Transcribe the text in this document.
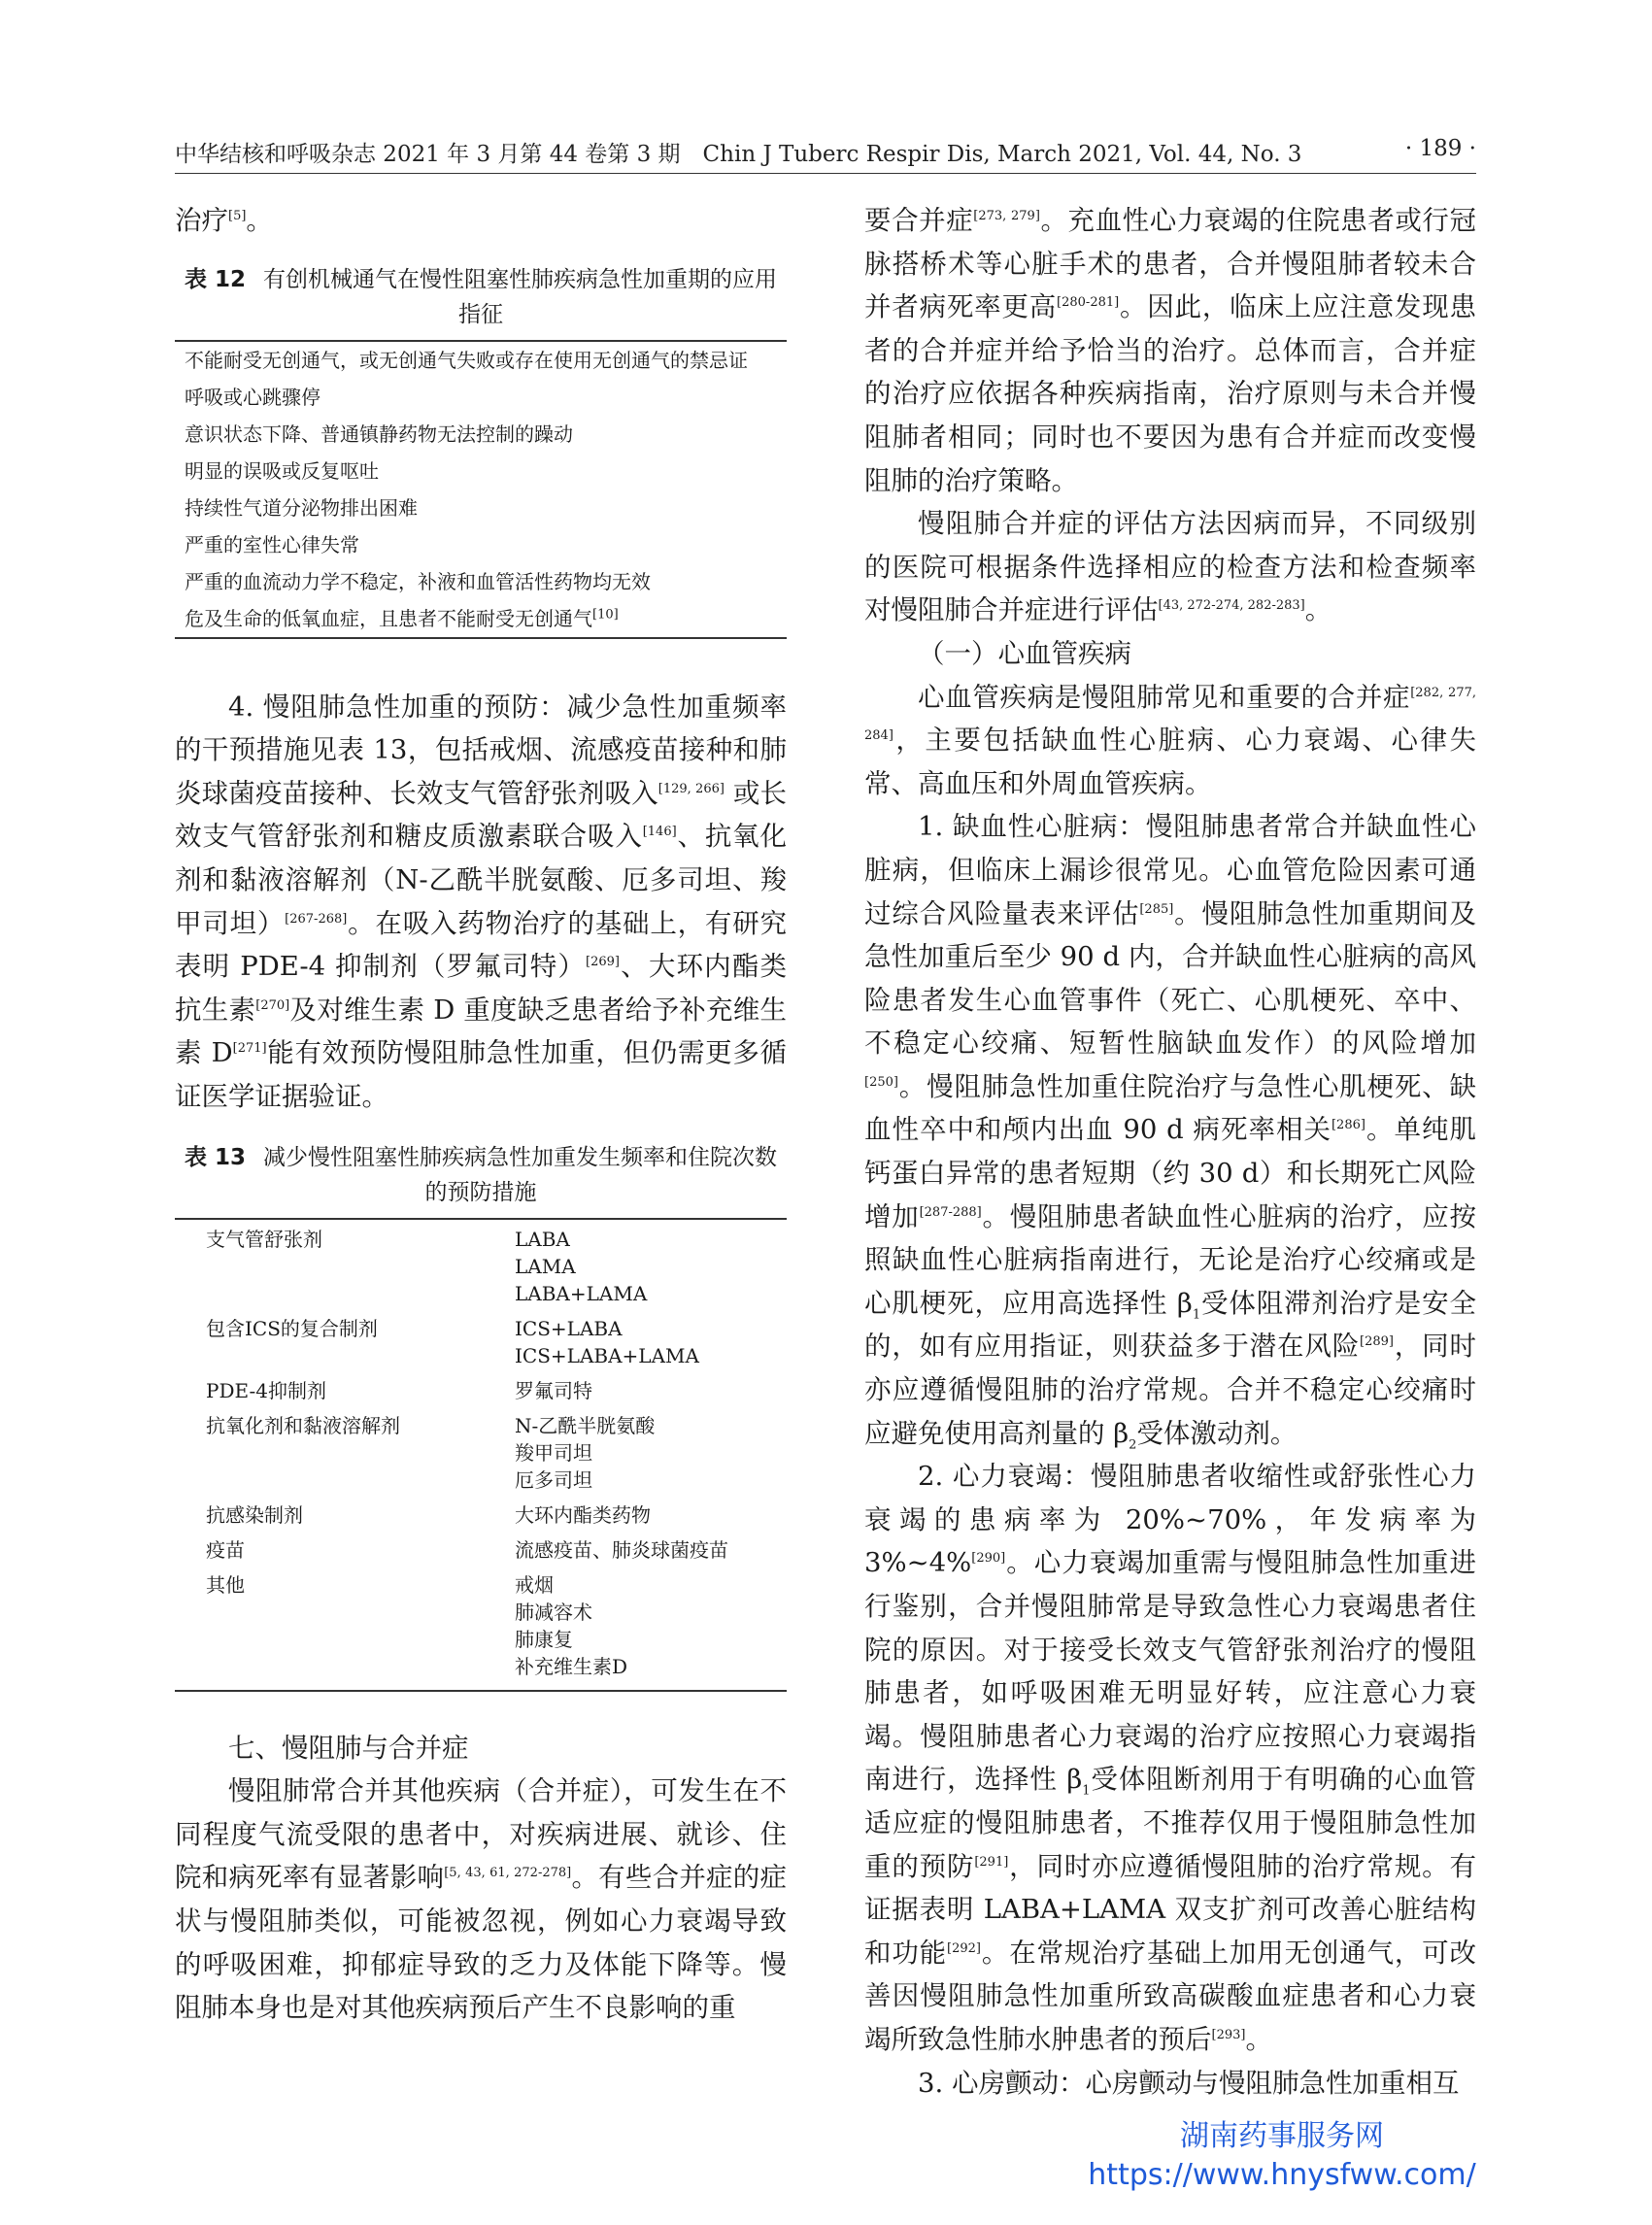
中华结核和呼吸杂志 2021 年 3 月第 44 卷第 3 期　Chin J Tuberc Respir Dis, March 2021, Vol. 44, No. 3	· 189 ·

治疗[5]。

表 12 有创机械通气在慢性阻塞性肺疾病急性加重期的应用指征
不能耐受无创通气，或无创通气失败或存在使用无创通气的禁忌证
呼吸或心跳骤停
意识状态下降、普通镇静药物无法控制的躁动
明显的误吸或反复呕吐
持续性气道分泌物排出困难
严重的室性心律失常
严重的血流动力学不稳定，补液和血管活性药物均无效
危及生命的低氧血症，且患者不能耐受无创通气[10]

4. 慢阻肺急性加重的预防：减少急性加重频率的干预措施见表 13，包括戒烟、流感疫苗接种和肺炎球菌疫苗接种、长效支气管舒张剂吸入[129, 266] 或长效支气管舒张剂和糖皮质激素联合吸入[146]、抗氧化剂和黏液溶解剂（N-乙酰半胱氨酸、厄多司坦、羧甲司坦）[267-268]。在吸入药物治疗的基础上，有研究表明 PDE-4 抑制剂（罗氟司特）[269]、大环内酯类抗生素[270]及对维生素 D 重度缺乏患者给予补充维生素 D[271]能有效预防慢阻肺急性加重，但仍需更多循证医学证据验证。

表 13 减少慢性阻塞性肺疾病急性加重发生频率和住院次数的预防措施
支气管舒张剂	LABA
LAMA
LABA+LAMA
包含ICS的复合制剂	ICS+LABA
ICS+LABA+LAMA
PDE-4抑制剂	罗氟司特
抗氧化剂和黏液溶解剂	N-乙酰半胱氨酸
羧甲司坦
厄多司坦
抗感染制剂	大环内酯类药物
疫苗	流感疫苗、肺炎球菌疫苗
其他	戒烟
肺减容术
肺康复
补充维生素D

七、慢阻肺与合并症

慢阻肺常合并其他疾病（合并症），可发生在不同程度气流受限的患者中，对疾病进展、就诊、住院和病死率有显著影响[5, 43, 61, 272-278]。有些合并症的症状与慢阻肺类似，可能被忽视，例如心力衰竭导致的呼吸困难，抑郁症导致的乏力及体能下降等。慢阻肺本身也是对其他疾病预后产生不良影响的重

要合并症[273, 279]。充血性心力衰竭的住院患者或行冠脉搭桥术等心脏手术的患者，合并慢阻肺者较未合并者病死率更高[280-281]。因此，临床上应注意发现患者的合并症并给予恰当的治疗。总体而言，合并症的治疗应依据各种疾病指南，治疗原则与未合并慢阻肺者相同；同时也不要因为患有合并症而改变慢阻肺的治疗策略。

慢阻肺合并症的评估方法因病而异，不同级别的医院可根据条件选择相应的检查方法和检查频率对慢阻肺合并症进行评估[43, 272-274, 282-283]。

（一）心血管疾病

心血管疾病是慢阻肺常见和重要的合并症[282, 277, 284]，主要包括缺血性心脏病、心力衰竭、心律失常、高血压和外周血管疾病。

1. 缺血性心脏病：慢阻肺患者常合并缺血性心脏病，但临床上漏诊很常见。心血管危险因素可通过综合风险量表来评估[285]。慢阻肺急性加重期间及急性加重后至少 90 d 内，合并缺血性心脏病的高风险患者发生心血管事件（死亡、心肌梗死、卒中、不稳定心绞痛、短暂性脑缺血发作）的风险增加[250]。慢阻肺急性加重住院治疗与急性心肌梗死、缺血性卒中和颅内出血 90 d 病死率相关[286]。单纯肌钙蛋白异常的患者短期（约 30 d）和长期死亡风险增加[287-288]。慢阻肺患者缺血性心脏病的治疗，应按照缺血性心脏病指南进行，无论是治疗心绞痛或是心肌梗死，应用高选择性 $\beta_1$受体阻滞剂治疗是安全的，如有应用指证，则获益多于潜在风险[289]，同时亦应遵循慢阻肺的治疗常规。合并不稳定心绞痛时应避免使用高剂量的 $\beta_2$受体激动剂。

2. 心力衰竭：慢阻肺患者收缩性或舒张性心力衰竭的患病率为 20%~70%，年发病率为 3%~4%[290]。心力衰竭加重需与慢阻肺急性加重进行鉴别，合并慢阻肺常是导致急性心力衰竭患者住院的原因。对于接受长效支气管舒张剂治疗的慢阻肺患者，如呼吸困难无明显好转，应注意心力衰竭。慢阻肺患者心力衰竭的治疗应按照心力衰竭指南进行，选择性 $\beta_1$受体阻断剂用于有明确的心血管适应症的慢阻肺患者，不推荐仅用于慢阻肺急性加重的预防[291]，同时亦应遵循慢阻肺的治疗常规。有证据表明 LABA+LAMA 双支扩剂可改善心脏结构和功能[292]。在常规治疗基础上加用无创通气，可改善因慢阻肺急性加重所致高碳酸血症患者和心力衰竭所致急性肺水肿患者的预后[293]。

3. 心房颤动：心房颤动与慢阻肺急性加重相互

湖南药事服务网
https://www.hnysfww.com/
